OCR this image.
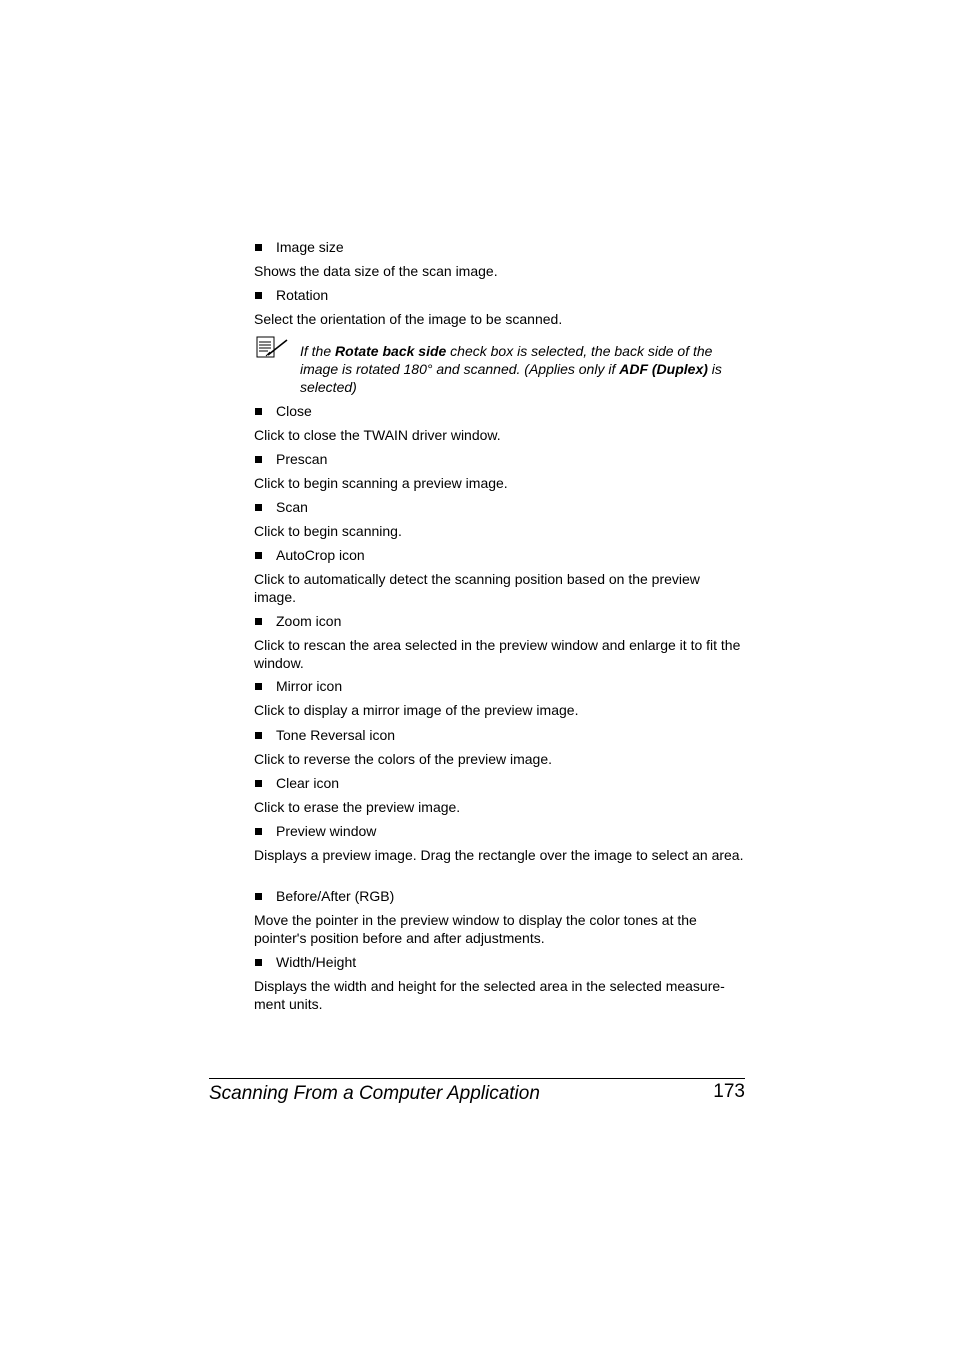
Image size
Shows the data size of the scan image.
Rotation
Select the orientation of the image to be scanned.
If the Rotate back side check box is selected, the back side of the image is rotated 180° and scanned. (Applies only if ADF (Duplex) is selected)
Close
Click to close the TWAIN driver window.
Prescan
Click to begin scanning a preview image.
Scan
Click to begin scanning.
AutoCrop icon
Click to automatically detect the scanning position based on the preview image.
Zoom icon
Click to rescan the area selected in the preview window and enlarge it to fit the window.
Mirror icon
Click to display a mirror image of the preview image.
Tone Reversal icon
Click to reverse the colors of the preview image.
Clear icon
Click to erase the preview image.
Preview window
Displays a preview image. Drag the rectangle over the image to select an area.
Before/After (RGB)
Move the pointer in the preview window to display the color tones at the pointer's position before and after adjustments.
Width/Height
Displays the width and height for the selected area in the selected measure-ment units.
Scanning From a Computer Application	173
